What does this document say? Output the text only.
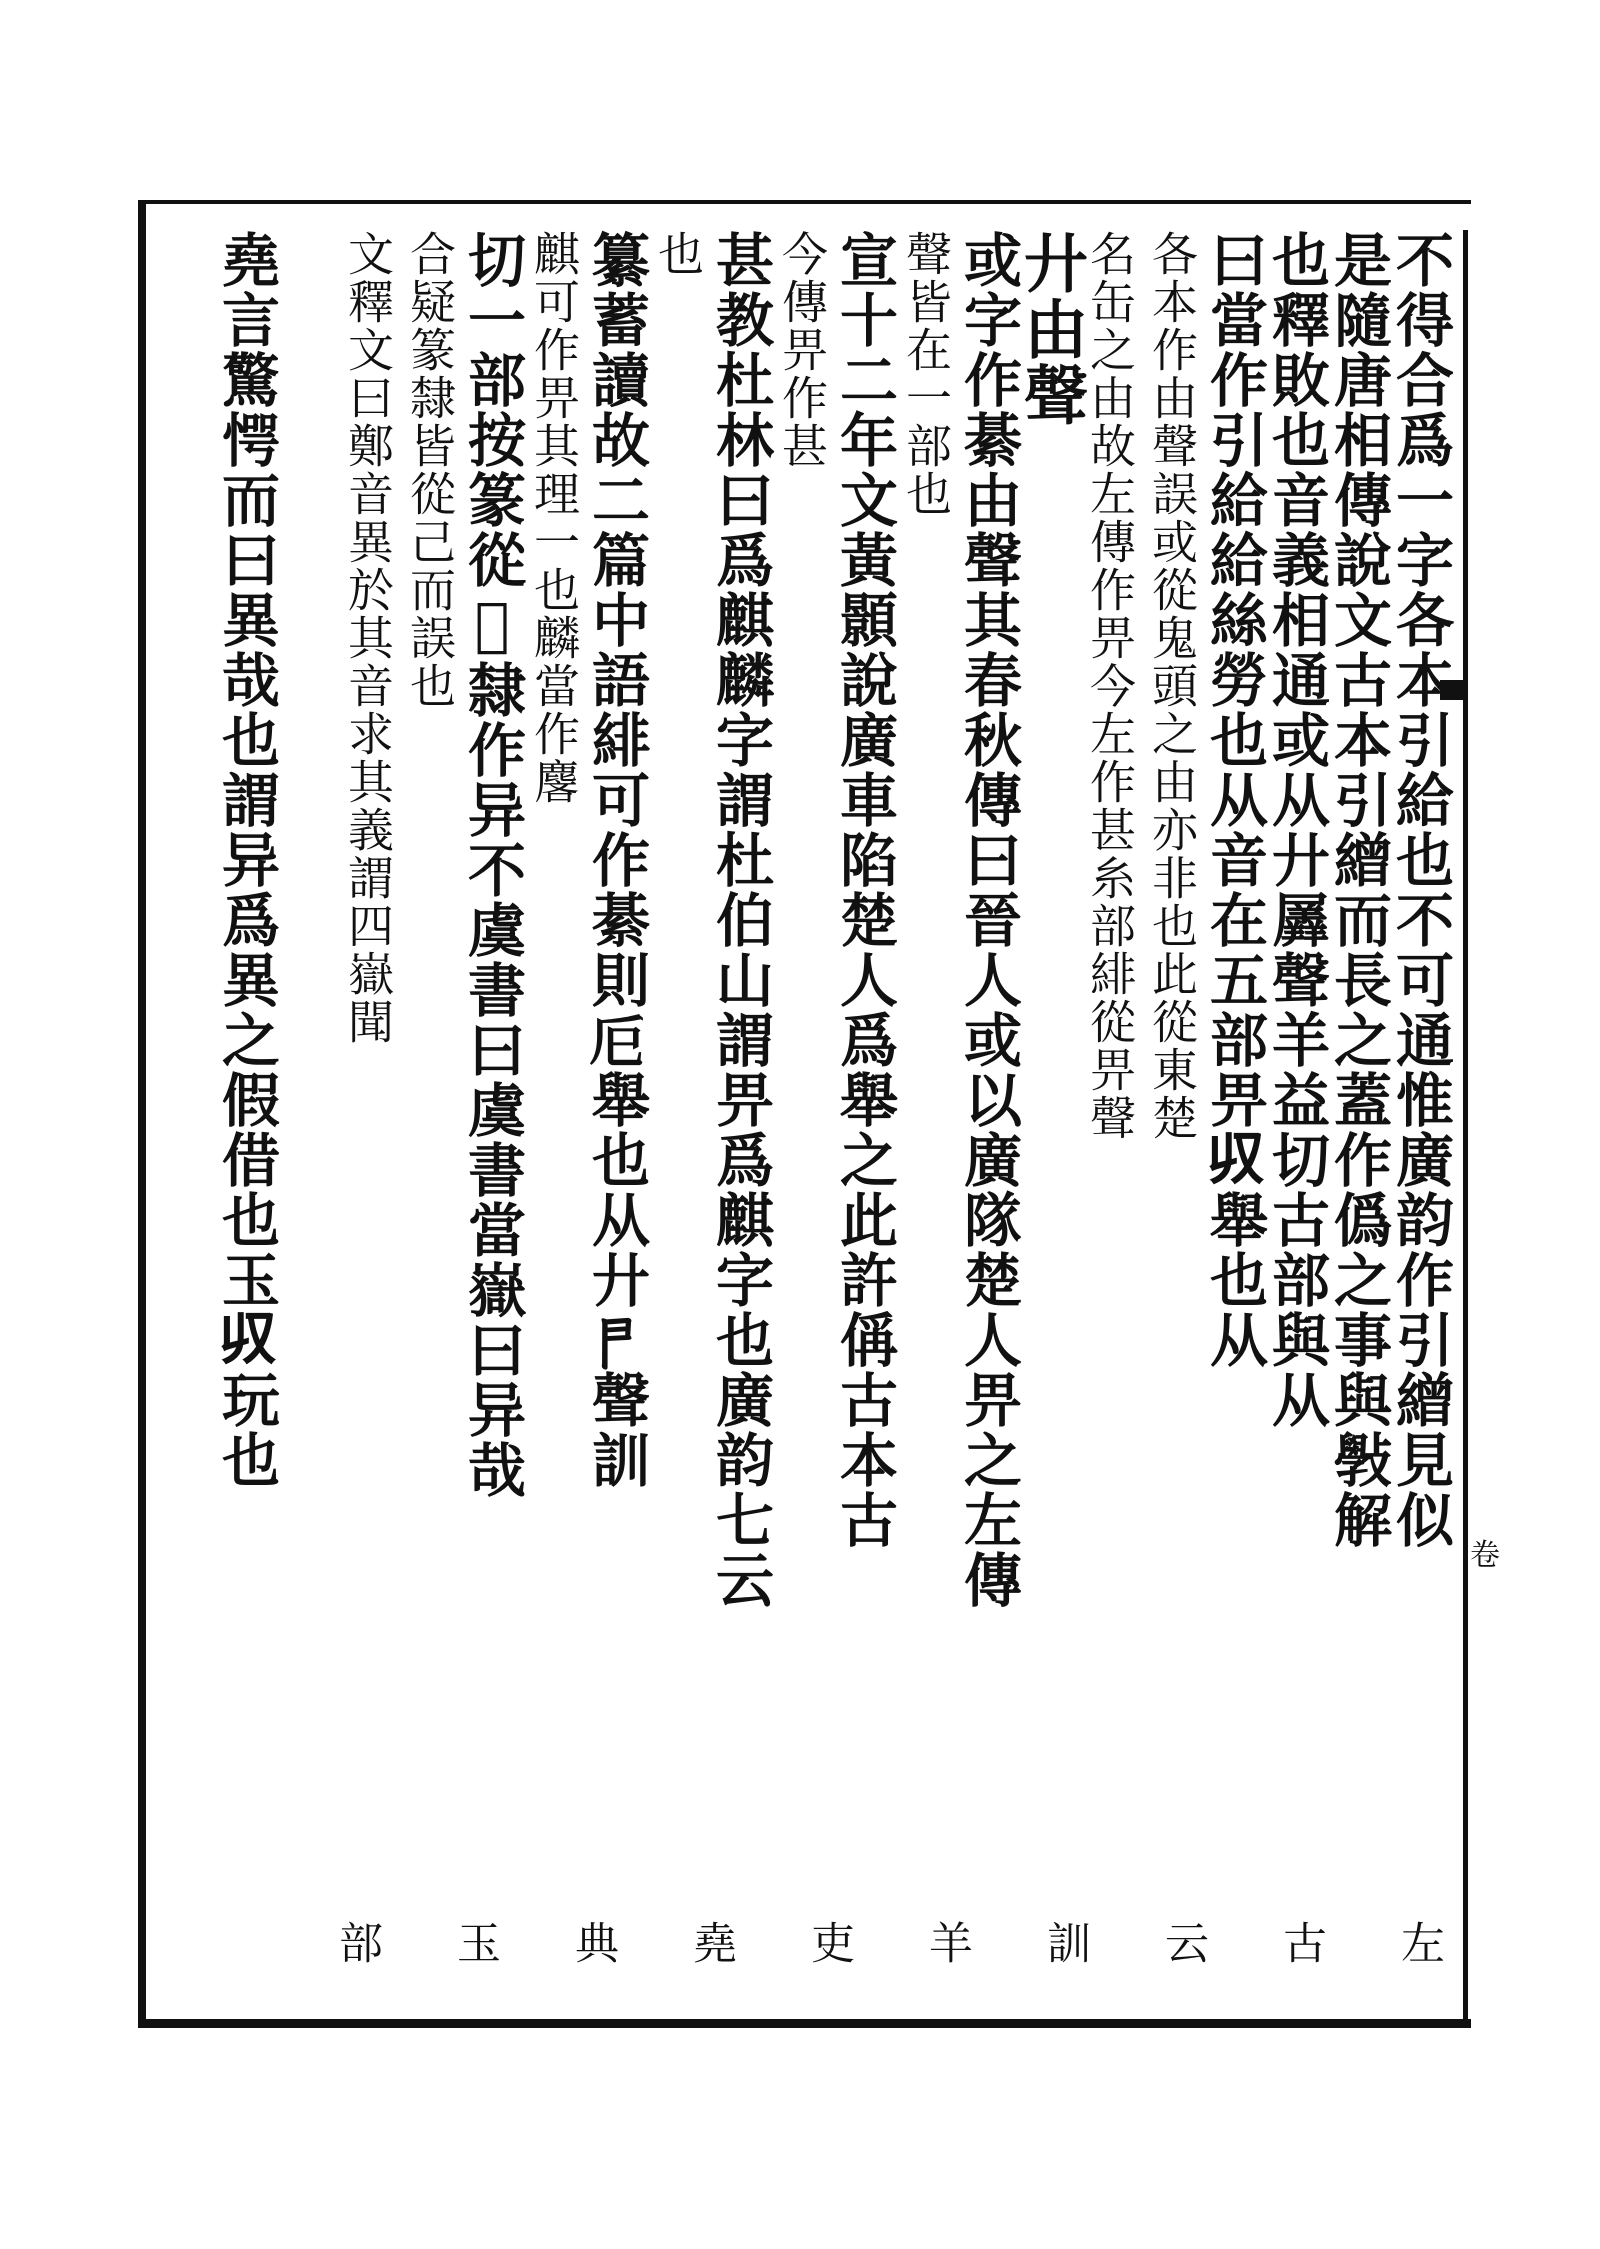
不得合爲一字各本引給也不可通惟廣韵作引繒見似
是隨唐相傳說文古本引繒而長之蓋作僞之事與斅解
也釋敗也音義相通或从廾羼聲羊益切古部與从
曰當作引給給絲勞也从音在五部畀𠬞舉也从
各本作由聲誤或從鬼頭之由亦非也此從東楚
名缶之由故左傳作畀今左作甚糸部緋從畀聲
廾由聲
或字作綦由聲其春秋傳曰晉人或以廣隊楚人畀之左傳
聲皆在一部也
宣十二年文黃顥說廣車陷楚人爲舉之此許偁古本古
今傳畀作甚
甚教杜林曰爲麒麟字謂杜伯山謂畀爲麒字也廣韵七云
也
纂蓄讀故二篇中語緋可作綦則𢀴舉也从廾𠁣聲訓
麒可作畀其理一也麟當作麐
切一部按篆從𠀉隸作异不虞書曰虞書當嶽曰异哉
合疑篆隸皆從己而誤也
文釋文曰鄭音異於其音求其義謂四嶽聞
堯言驚愕而曰異哉也謂异爲異之假借也玉𠬞玩也
卷
左
古
云
訓
羊
吏
堯
典
玉
部
